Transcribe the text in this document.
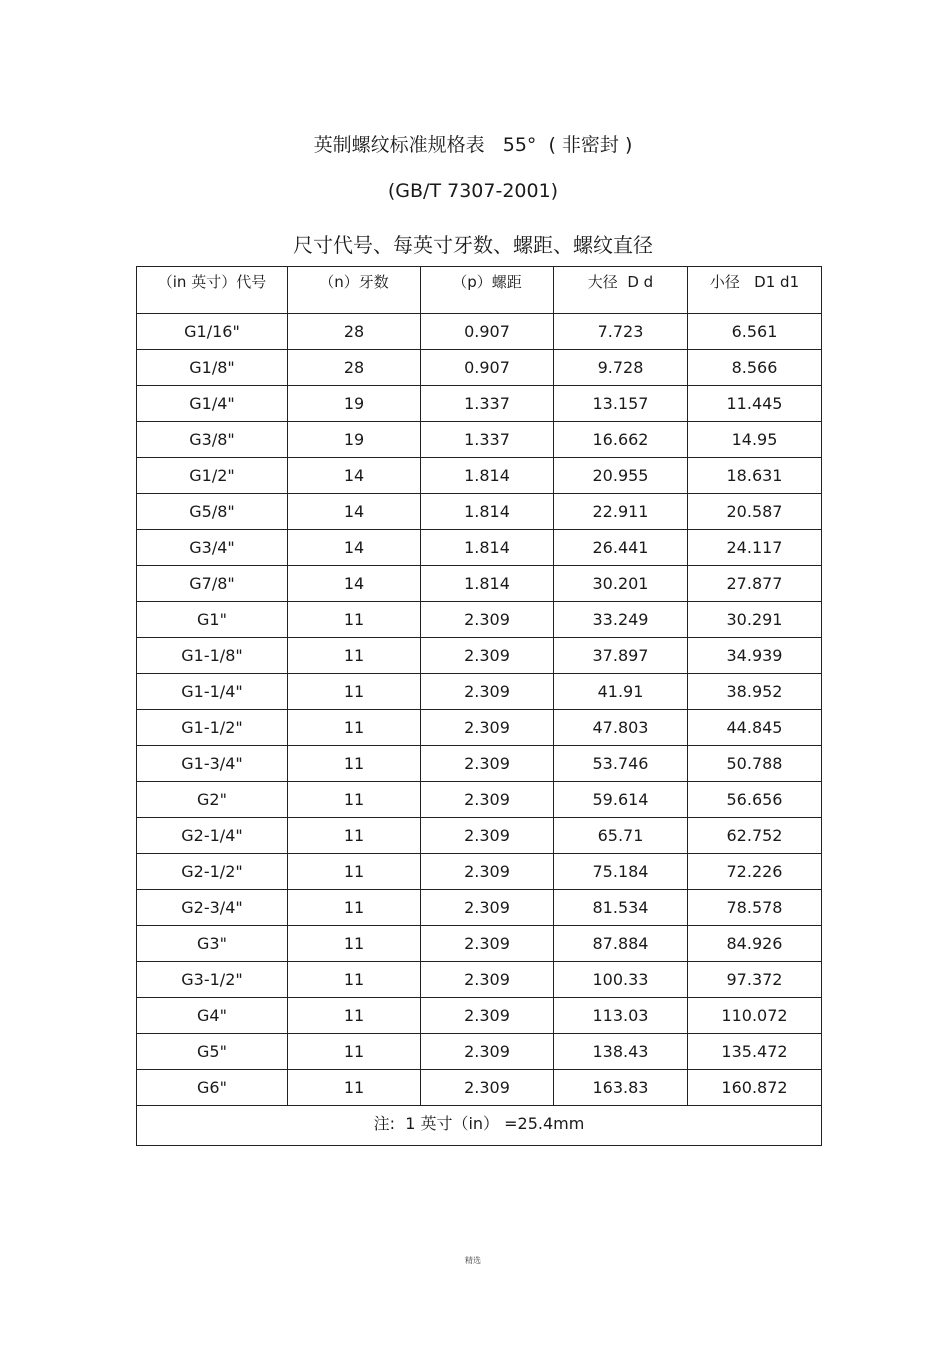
英制螺纹标准规格表   55°  ( 非密封 )
(GB/T 7307-2001)
尺寸代号、每英寸牙数、螺距、螺纹直径
（in 英寸）代号	（n）牙数	（p）螺距	大径  D d	小径   D1 d1
G1/16"	28	0.907	7.723	6.561
G1/8"	28	0.907	9.728	8.566
G1/4"	19	1.337	13.157	11.445
G3/8"	19	1.337	16.662	14.95
G1/2"	14	1.814	20.955	18.631
G5/8"	14	1.814	22.911	20.587
G3/4"	14	1.814	26.441	24.117
G7/8"	14	1.814	30.201	27.877
G1"	11	2.309	33.249	30.291
G1-1/8"	11	2.309	37.897	34.939
G1-1/4"	11	2.309	41.91	38.952
G1-1/2"	11	2.309	47.803	44.845
G1-3/4"	11	2.309	53.746	50.788
G2"	11	2.309	59.614	56.656
G2-1/4"	11	2.309	65.71	62.752
G2-1/2"	11	2.309	75.184	72.226
G2-3/4"	11	2.309	81.534	78.578
G3"	11	2.309	87.884	84.926
G3-1/2"	11	2.309	100.33	97.372
G4"	11	2.309	113.03	110.072
G5"	11	2.309	138.43	135.472
G6"	11	2.309	163.83	160.872
注:  1 英寸（in） =25.4mm				
精选
